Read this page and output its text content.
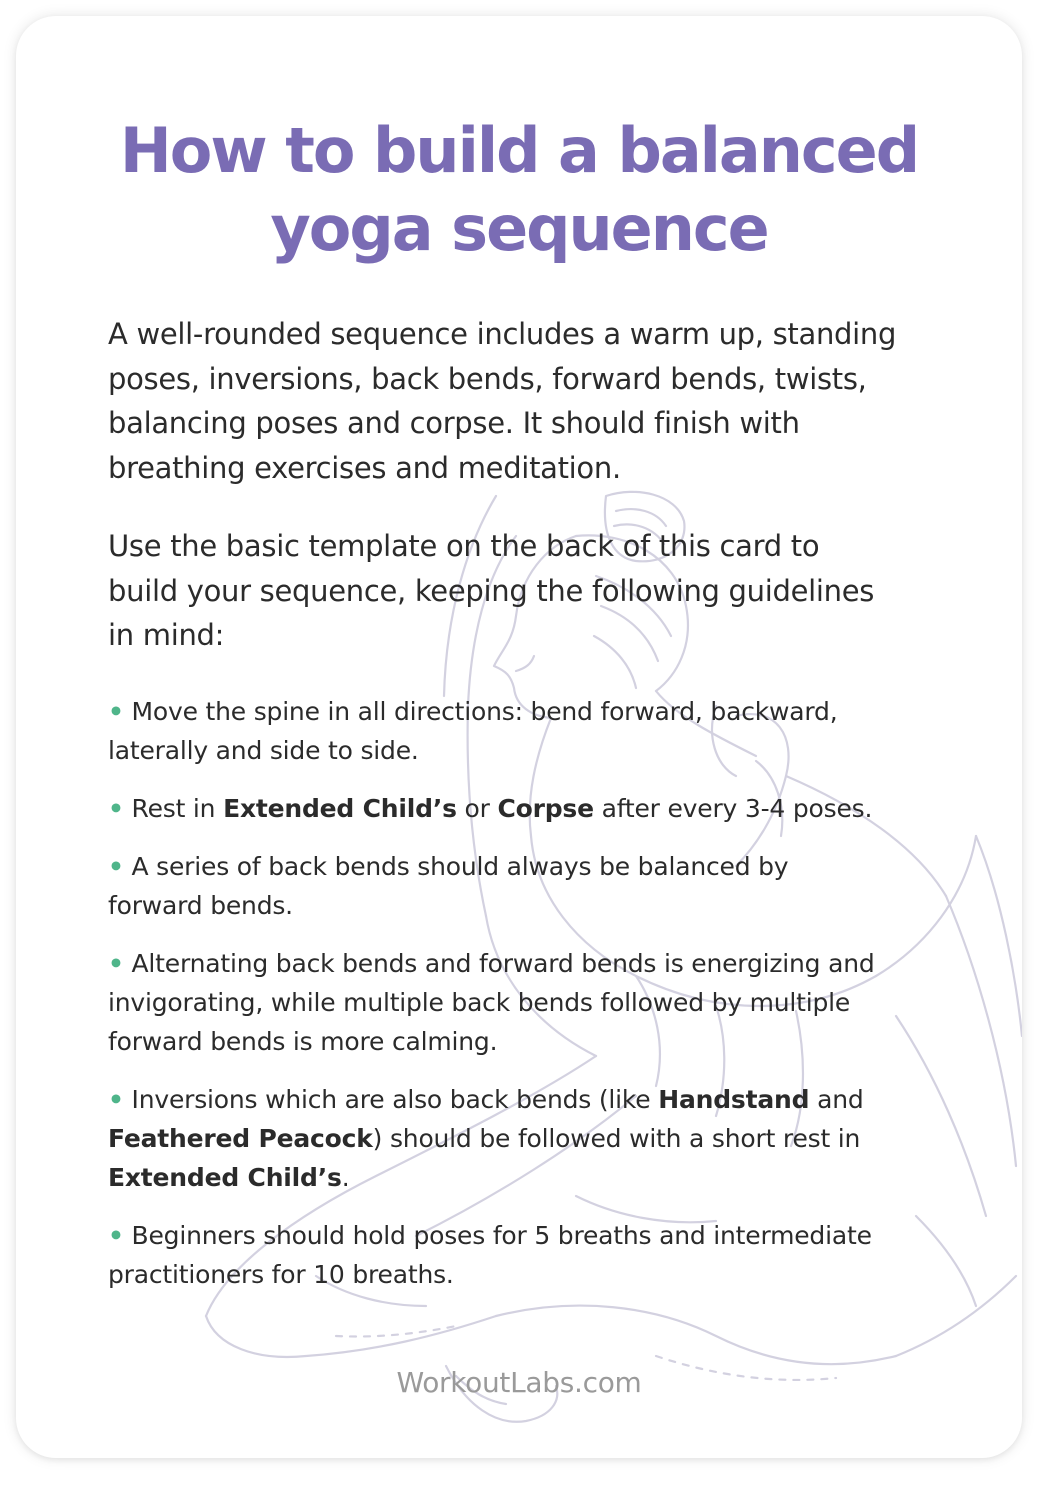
How to build a balanced
yoga sequence

A well-rounded sequence includes a warm up, standing
poses, inversions, back bends, forward bends, twists,
balancing poses and corpse. It should finish with
breathing exercises and meditation.

Use the basic template on the back of this card to
build your sequence, keeping the following guidelines
in mind:

• Move the spine in all directions: bend forward, backward,
laterally and side to side.
• Rest in Extended Child’s or Corpse after every 3-4 poses.
• A series of back bends should always be balanced by
forward bends.
• Alternating back bends and forward bends is energizing and
invigorating, while multiple back bends followed by multiple
forward bends is more calming.
• Inversions which are also back bends (like Handstand and
Feathered Peacock) should be followed with a short rest in
Extended Child’s.
• Beginners should hold poses for 5 breaths and intermediate
practitioners for 10 breaths.

WorkoutLabs.com
